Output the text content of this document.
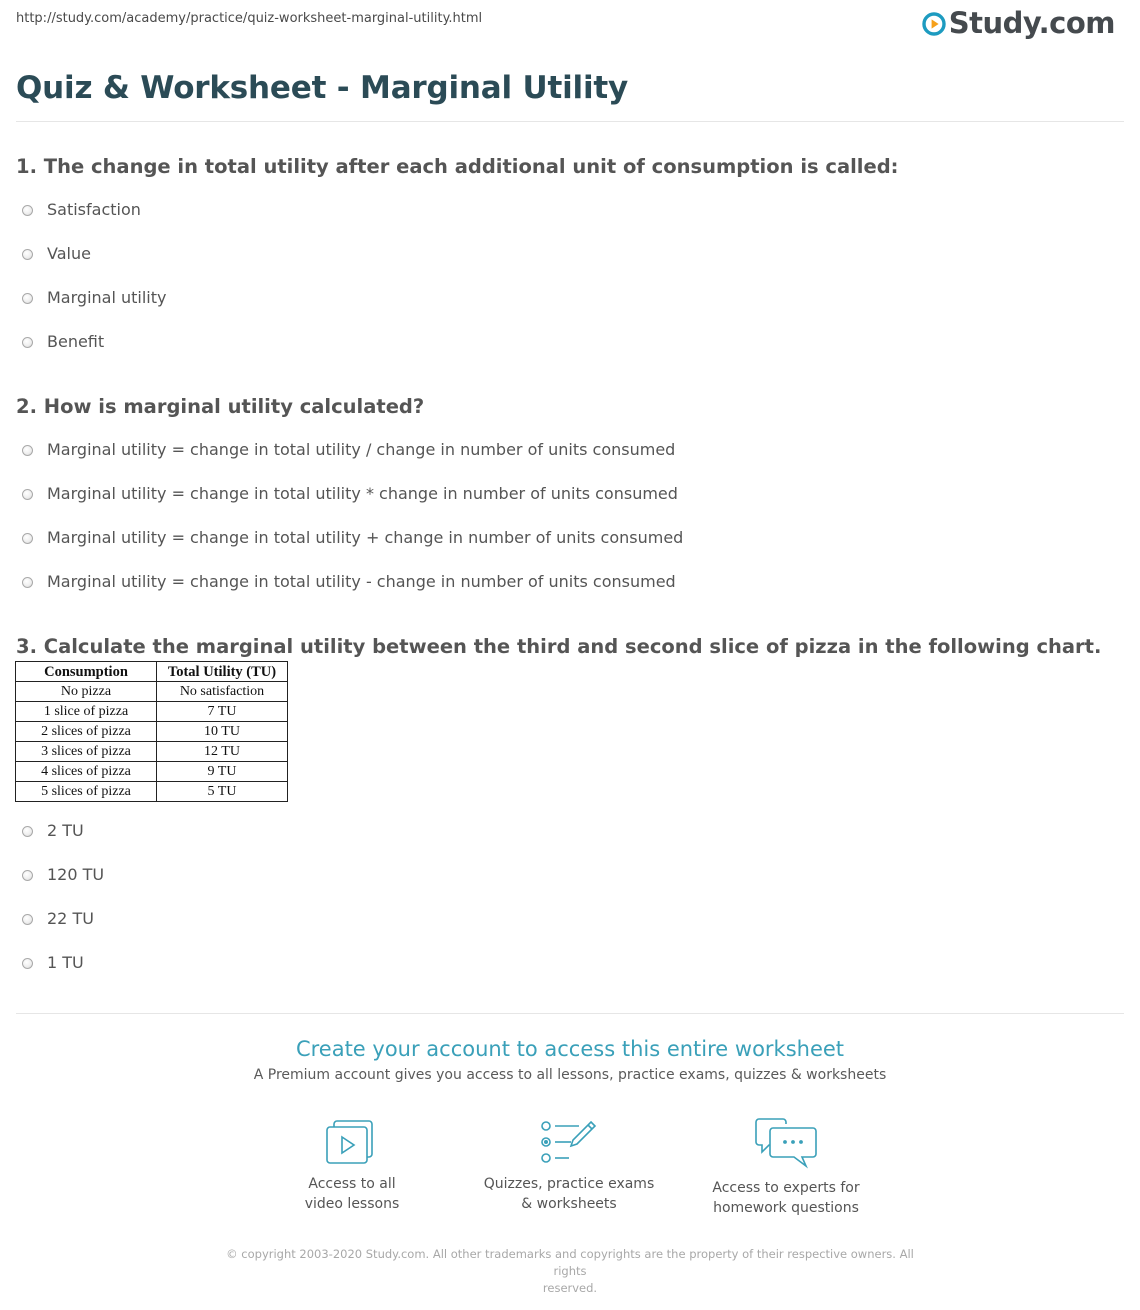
http://study.com/academy/practice/quiz-worksheet-marginal-utility.html	Study.com
Quiz & Worksheet - Marginal Utility
1. The change in total utility after each additional unit of consumption is called:
Satisfaction
Value
Marginal utility
Benefit
2. How is marginal utility calculated?
Marginal utility = change in total utility / change in number of units consumed
Marginal utility = change in total utility * change in number of units consumed
Marginal utility = change in total utility + change in number of units consumed
Marginal utility = change in total utility - change in number of units consumed
3. Calculate the marginal utility between the third and second slice of pizza in the following chart.
Consumption	Total Utility (TU)
No pizza	No satisfaction
1 slice of pizza	7 TU
2 slices of pizza	10 TU
3 slices of pizza	12 TU
4 slices of pizza	9 TU
5 slices of pizza	5 TU
2 TU
120 TU
22 TU
1 TU
Create your account to access this entire worksheet
A Premium account gives you access to all lessons, practice exams, quizzes & worksheets
Access to all
video lessons
Quizzes, practice exams
& worksheets
Access to experts for
homework questions
© copyright 2003-2020 Study.com. All other trademarks and copyrights are the property of their respective owners. All rights
reserved.
